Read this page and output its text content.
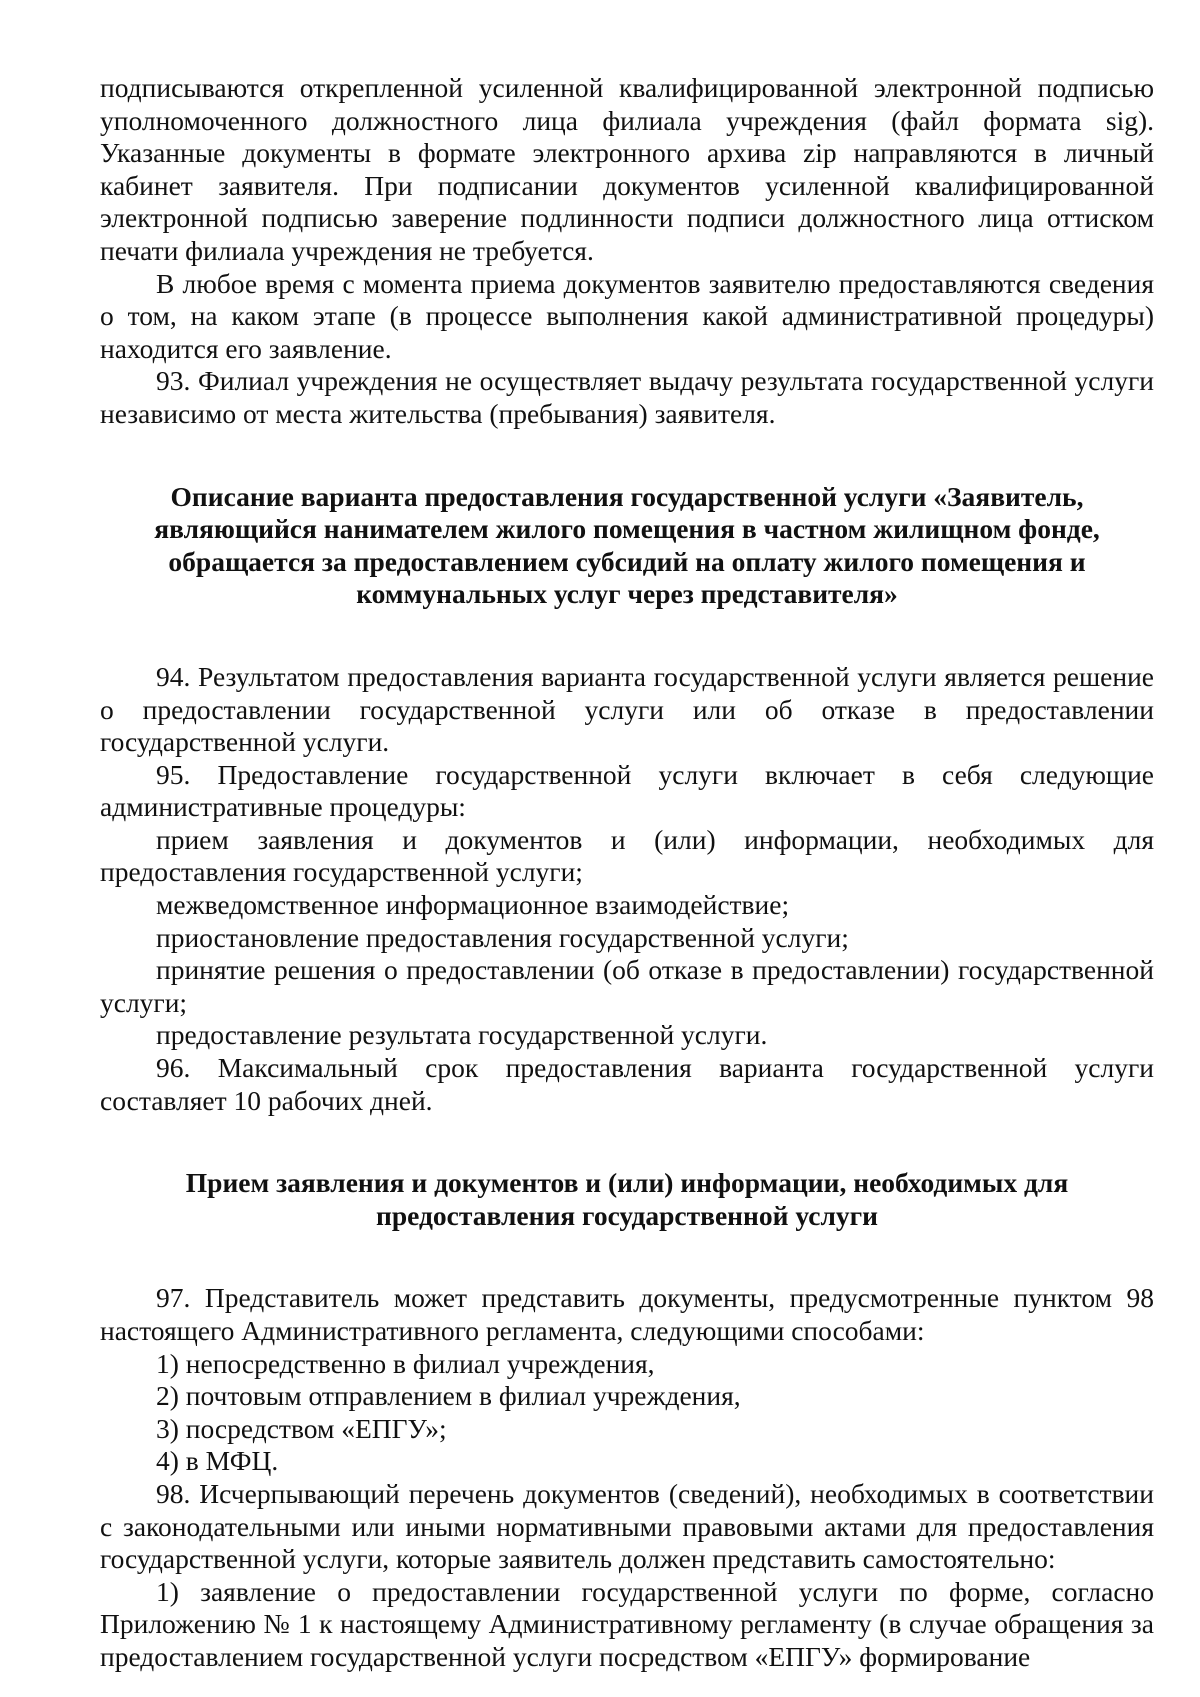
подписываются открепленной усиленной квалифицированной электронной подписью уполномоченного должностного лица филиала учреждения (файл формата sig). Указанные документы в формате электронного архива zip направляются в личный кабинет заявителя. При подписании документов усиленной квалифицированной электронной подписью заверение подлинности подписи должностного лица оттиском печати филиала учреждения не требуется.

В любое время с момента приема документов заявителю предоставляются сведения о том, на каком этапе (в процессе выполнения какой административной процедуры) находится его заявление.

93. Филиал учреждения не осуществляет выдачу результата государственной услуги независимо от места жительства (пребывания) заявителя.

Описание варианта предоставления государственной услуги «Заявитель, являющийся нанимателем жилого помещения в частном жилищном фонде, обращается за предоставлением субсидий на оплату жилого помещения и коммунальных услуг через представителя»

94. Результатом предоставления варианта государственной услуги является решение о предоставлении государственной услуги или об отказе в предоставлении государственной услуги.

95. Предоставление государственной услуги включает в себя следующие административные процедуры:

прием заявления и документов и (или) информации, необходимых для предоставления государственной услуги;

межведомственное информационное взаимодействие;

приостановление предоставления государственной услуги;

принятие решения о предоставлении (об отказе в предоставлении) государственной услуги;

предоставление результата государственной услуги.

96. Максимальный срок предоставления варианта государственной услуги составляет 10 рабочих дней.

Прием заявления и документов и (или) информации, необходимых для предоставления государственной услуги

97. Представитель может представить документы, предусмотренные пунктом 98 настоящего Административного регламента, следующими способами:

1) непосредственно в филиал учреждения,

2) почтовым отправлением в филиал учреждения,

3) посредством «ЕПГУ»;

4) в МФЦ.

98. Исчерпывающий перечень документов (сведений), необходимых в соответствии с законодательными или иными нормативными правовыми актами для предоставления государственной услуги, которые заявитель должен представить самостоятельно:

1) заявление о предоставлении государственной услуги по форме, согласно Приложению № 1 к настоящему Административному регламенту (в случае обращения за предоставлением государственной услуги посредством «ЕПГУ» формирование
